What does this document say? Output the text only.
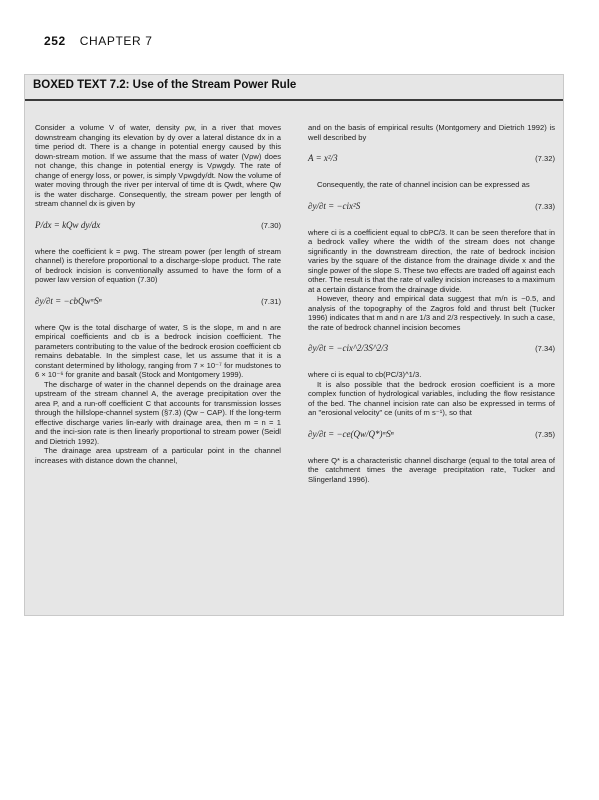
252 CHAPTER 7
BOXED TEXT 7.2: Use of the Stream Power Rule

Consider a volume V of water, density ρw, in a river that moves downstream changing its elevation by dy over a lateral distance dx in a time period dt. There is a change in potential energy caused by this down-stream motion. If we assume that the mass of water (Vρw) does not change, this change in potential energy is Vρwgdy. The rate of change of energy loss, or power, is simply Vρwgdy/dt. Now the volume of water moving through the river per interval of time dt is Qwdt, where Qw is the water discharge. Consequently, the stream power per length of stream channel dx is given by

P/dx = kQw dy/dx	(7.30)

where the coefficient k = ρwg. The stream power (per length of stream channel) is therefore proportional to a discharge-slope product. The rate of bedrock incision is conventionally assumed to have the form of a power law version of equation (7.30)

∂y/∂t = −cbQwᵐSⁿ	(7.31)

where Qw is the total discharge of water, S is the slope, m and n are empirical coefficients and cb is a bedrock incision coefficient. The parameters contributing to the value of the bedrock erosion coefficient cb remains debatable. In the simplest case, let us assume that it is a constant determined by lithology, ranging from 7 × 10⁻⁷ for mudstones to 6 × 10⁻⁶ for granite and basalt (Stock and Montgomery 1999).

The discharge of water in the channel depends on the drainage area upstream of the stream channel A, the average precipitation over the area P, and a run-off coefficient C that accounts for transmission losses through the hillslope-channel system (§7.3) (Qw ~ CAP). If the long-term effective discharge varies lin-early with drainage area, then m = n = 1 and the inci-sion rate is then linearly proportional to stream power (Seidl and Dietrich 1992).

The drainage area upstream of a particular point in the channel increases with distance down the channel,

and on the basis of empirical results (Montgomery and Dietrich 1992) is well described by

A = x²/3	(7.32)

Consequently, the rate of channel incision can be expressed as

∂y/∂t = −cix²S	(7.33)

where ci is a coefficient equal to cbPC/3. It can be seen therefore that in a bedrock valley where the width of the stream does not change significantly in the downstream direction, the rate of bedrock incision varies by the square of the distance from the drainage divide x and the single power of the slope S. These two effects are traded off against each other. The result is that the rate of valley incision increases to a maximum at a certain distance from the drainage divide.

However, theory and empirical data suggest that m/n is ~0.5, and analysis of the topography of the Zagros fold and thrust belt (Tucker 1996) indicates that m and n are 1/3 and 2/3 respectively. In such a case, the rate of bedrock channel incision becomes

∂y/∂t = −cix^2/3S^2/3	(7.34)

where ci is equal to cb(PC/3)^1/3.

It is also possible that the bedrock erosion coefficient is a more complex function of hydrological variables, including the flow resistance of the bed. The channel incision rate can also be expressed in terms of an "erosional velocity" ce (units of m s⁻¹), so that

∂y/∂t = −ce(Qw/Q*)ᵐSⁿ	(7.35)

where Q* is a characteristic channel discharge (equal to the total area of the catchment times the average precipitation rate, Tucker and Slingerland 1996).
